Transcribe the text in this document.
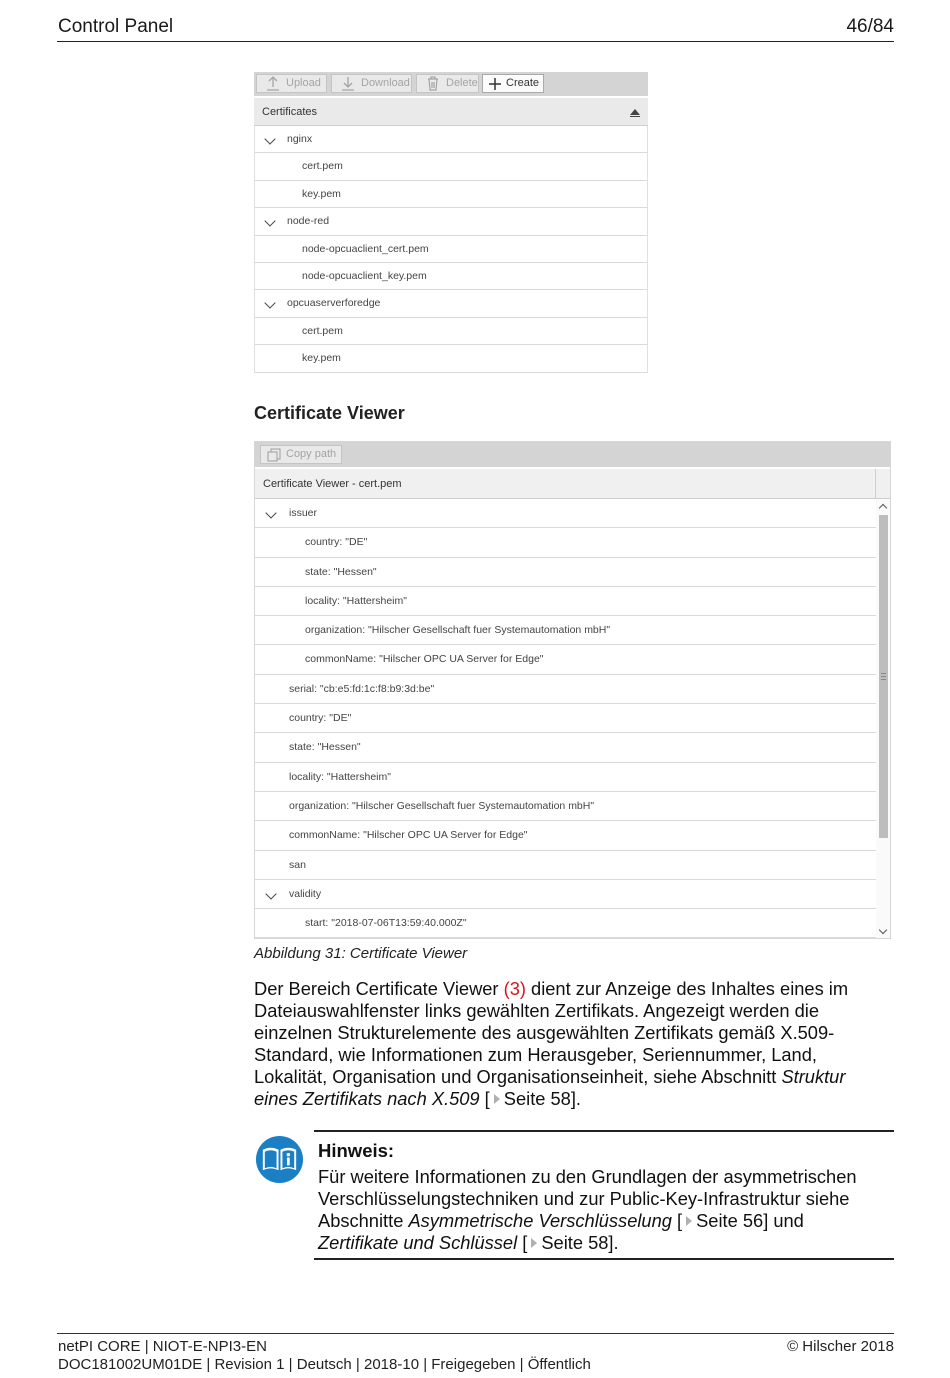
Control Panel	46/84
Upload	Download	Delete	Create
Certificates
nginx
cert.pem
key.pem
node-red
node-opcuaclient_cert.pem
node-opcuaclient_key.pem
opcuaserverforedge
cert.pem
key.pem
Certificate Viewer
Copy path
Certificate Viewer - cert.pem
issuer
country: "DE"
state: "Hessen"
locality: "Hattersheim"
organization: "Hilscher Gesellschaft fuer Systemautomation mbH"
commonName: "Hilscher OPC UA Server for Edge"
serial: "cb:e5:fd:1c:f8:b9:3d:be"
country: "DE"
state: "Hessen"
locality: "Hattersheim"
organization: "Hilscher Gesellschaft fuer Systemautomation mbH"
commonName: "Hilscher OPC UA Server for Edge"
san
validity
start: "2018-07-06T13:59:40.000Z"
Abbildung 31: Certificate Viewer
Der Bereich Certificate Viewer (3) dient zur Anzeige des Inhaltes eines im Dateiauswahlfenster links gewählten Zertifikats. Angezeigt werden die einzelnen Strukturelemente des ausgewählten Zertifikats gemäß X.509-Standard, wie Informationen zum Herausgeber, Seriennummer, Land, Lokalität, Organisation und Organisationseinheit, siehe Abschnitt Struktur eines Zertifikats nach X.509 [ Seite 58].
Hinweis:
Für weitere Informationen zu den Grundlagen der asymmetrischen Verschlüsselungstechniken und zur Public-Key-Infrastruktur siehe Abschnitte Asymmetrische Verschlüsselung [ Seite 56] und
Zertifikate und Schlüssel [ Seite 58].
netPI CORE | NIOT-E-NPI3-EN
DOC181002UM01DE | Revision 1 | Deutsch | 2018-10 | Freigegeben | Öffentlich
© Hilscher 2018
